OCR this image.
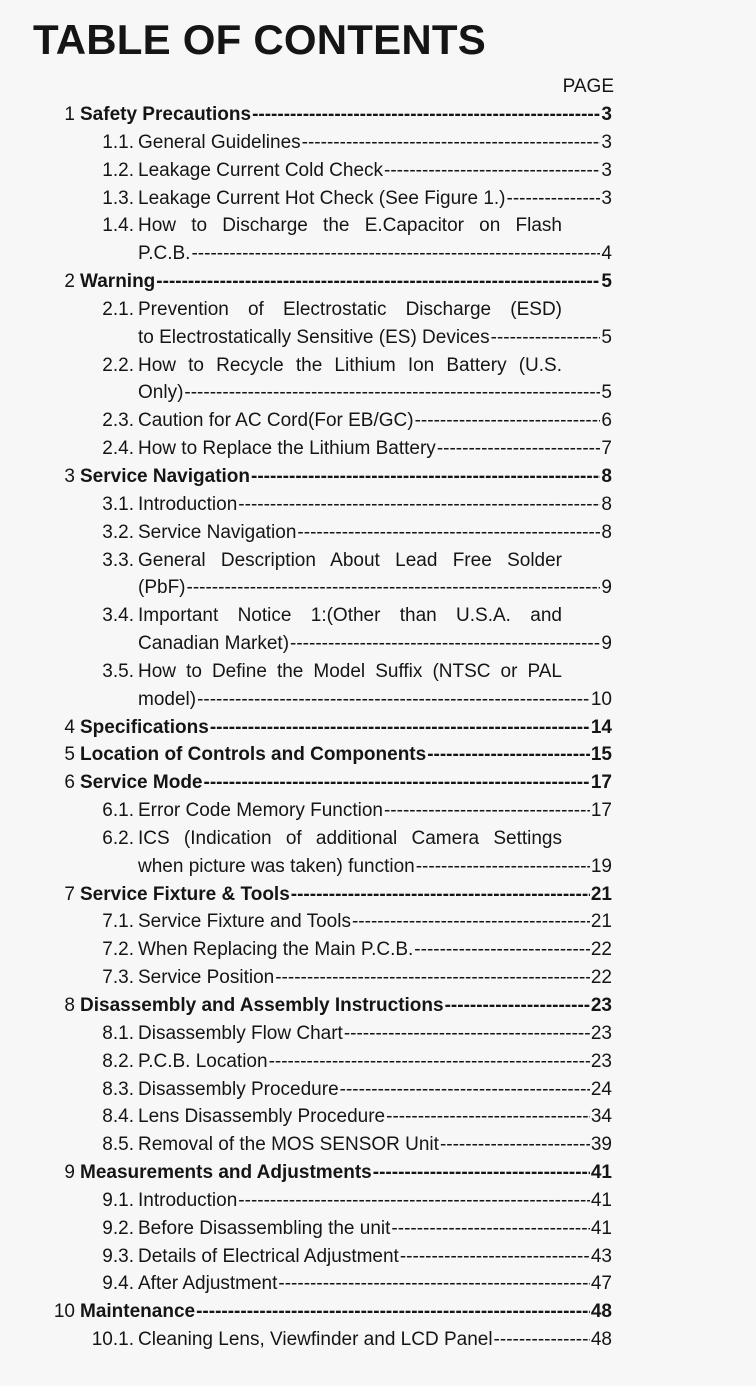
TABLE OF CONTENTS
PAGE
1 Safety Precautions -----	3
1.1. General Guidelines -----	3
1.2. Leakage Current Cold Check -----	3
1.3. Leakage Current Hot Check (See Figure 1.) -----	3
1.4. How to Discharge the E.Capacitor on Flash
P.C.B. -----	4
2 Warning -----	5
2.1. Prevention of Electrostatic Discharge (ESD)
to Electrostatically Sensitive (ES) Devices -----	5
2.2. How to Recycle the Lithium Ion Battery (U.S.
Only) -----	5
2.3. Caution for AC Cord(For EB/GC) -----	6
2.4. How to Replace the Lithium Battery -----	7
3 Service Navigation -----	8
3.1. Introduction -----	8
3.2. Service Navigation -----	8
3.3. General Description About Lead Free Solder
(PbF) -----	9
3.4. Important Notice 1:(Other than U.S.A. and
Canadian Market) -----	9
3.5. How to Define the Model Suffix (NTSC or PAL
model) -----	10
4 Specifications -----	14
5 Location of Controls and Components -----	15
6 Service Mode -----	17
6.1. Error Code Memory Function -----	17
6.2. ICS (Indication of additional Camera Settings
when picture was taken) function -----	19
7 Service Fixture & Tools -----	21
7.1. Service Fixture and Tools -----	21
7.2. When Replacing the Main P.C.B. -----	22
7.3. Service Position -----	22
8 Disassembly and Assembly Instructions -----	23
8.1. Disassembly Flow Chart -----	23
8.2. P.C.B. Location -----	23
8.3. Disassembly Procedure -----	24
8.4. Lens Disassembly Procedure -----	34
8.5. Removal of the MOS SENSOR Unit -----	39
9 Measurements and Adjustments -----	41
9.1. Introduction -----	41
9.2. Before Disassembling the unit -----	41
9.3. Details of Electrical Adjustment -----	43
9.4. After Adjustment -----	47
10 Maintenance -----	48
10.1. Cleaning Lens, Viewfinder and LCD Panel -----	48
